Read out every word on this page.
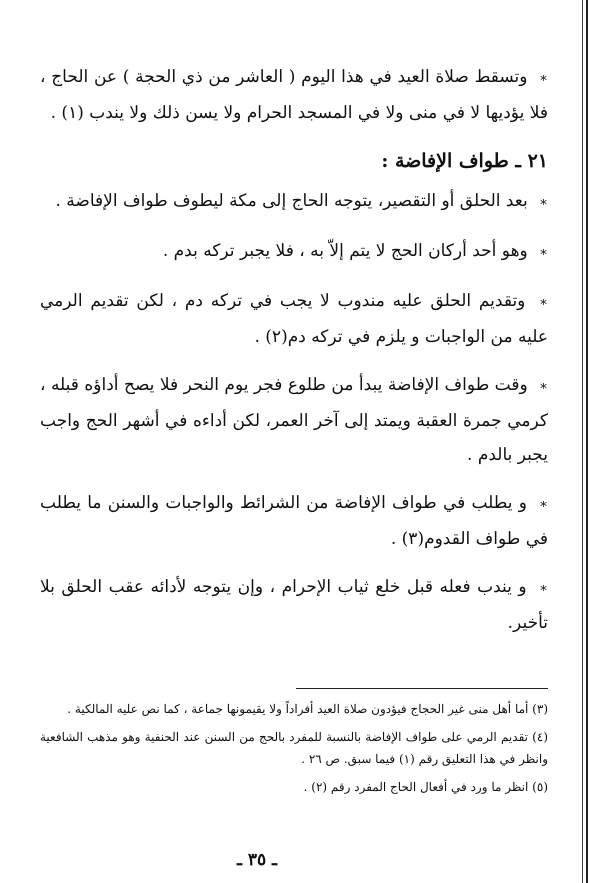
∗ وتسقط صلاة العيد في هذا اليوم ( العاشر من ذي الحجة ) عن الحاج ، فلا يؤديها لا في منى ولا في المسجد الحرام ولا يسن ذلك ولا يندب (١) .

٢١ ـ طواف الإفاضة :

∗ بعد الحلق أو التقصير، يتوجه الحاج إلى مكة ليطوف طواف الإفاضة .

∗ وهو أحد أركان الحج لا يتم إلاّ به ، فلا يجبر تركه بدم .

∗ وتقديم الحلق عليه مندوب لا يجب في تركه دم ، لكن تقديم الرمي عليه من الواجبات و يلزم في تركه دم(٢) .

∗ وقت طواف الإفاضة يبدأ من طلوع فجر يوم النحر فلا يصح أداؤه قبله ، كرمي جمرة العقبة ويمتد إلى آخر العمر، لكن أداءه في أشهر الحج واجب يجبر بالدم .

∗ و يطلب في طواف الإفاضة من الشرائط والواجبات والسنن ما يطلب في طواف القدوم(٣) .

∗ و يندب فعله قبل خلع ثياب الإحرام ، وإن يتوجه لأدائه عقب الحلق بلا تأخير.

(٣) أما أهل منى غير الحجاج فيؤدون صلاة العيد أفراداً ولا يقيمونها جماعة ، كما نص عليه المالكية .

(٤) تقديم الرمي على طواف الإفاضة بالنسبة للمفرد بالحج من السنن عند الحنفية وهو مذهب الشافعية وانظر في هذا التعليق رقم (١) فيما سبق. ص ٢٦ .

(٥) انظر ما ورد في أفعال الحاج المفرد رقم (٢) .

ـ ٣٥ ـ
